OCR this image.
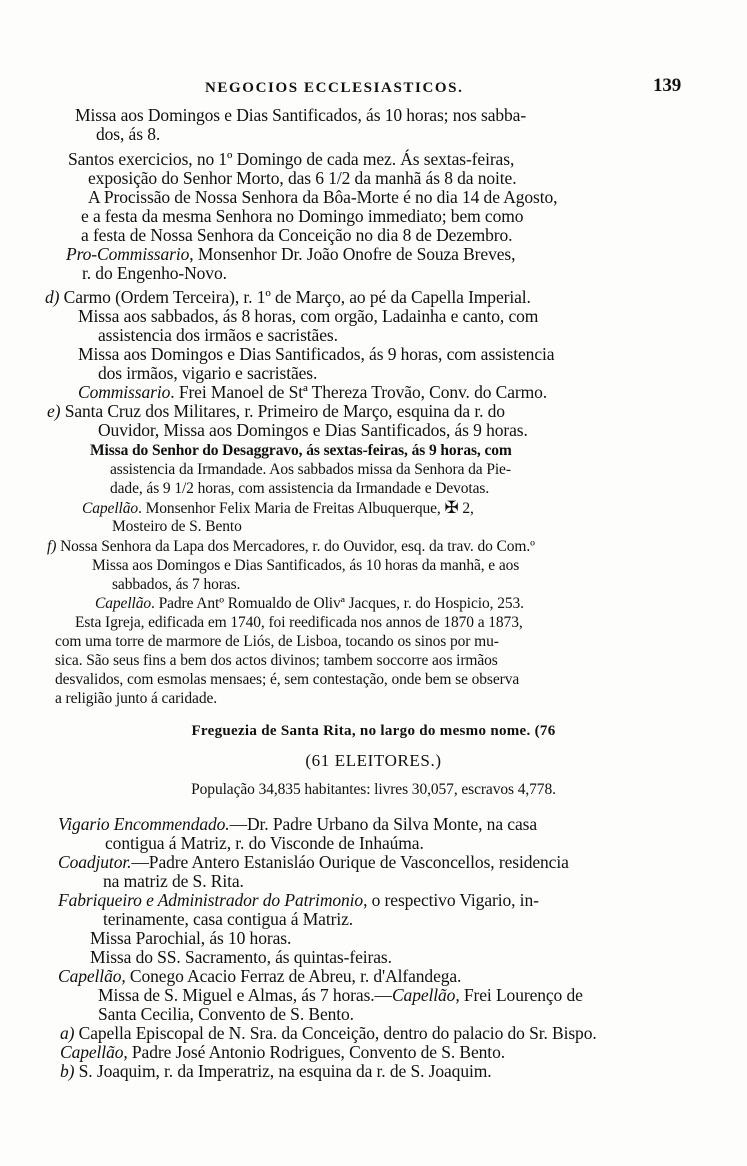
NEGOCIOS ECCLESIASTICOS.	139
Missa aos Domingos e Dias Santificados, ás 10 horas; nos sabba-
dos, ás 8.
Santos exercicios, no 1º Domingo de cada mez. Ás sextas-feiras,
exposição do Senhor Morto, das 6 1/2 da manhã ás 8 da noite.
A Procissão de Nossa Senhora da Bôa-Morte é no dia 14 de Agosto,
e a festa da mesma Senhora no Domingo immediato; bem como
a festa de Nossa Senhora da Conceição no dia 8 de Dezembro.
Pro-Commissario, Monsenhor Dr. João Onofre de Souza Breves,
r. do Engenho-Novo.
d) Carmo (Ordem Terceira), r. 1º de Março, ao pé da Capella Imperial.
Missa aos sabbados, ás 8 horas, com orgão, Ladainha e canto, com
assistencia dos irmãos e sacristães.
Missa aos Domingos e Dias Santificados, ás 9 horas, com assistencia
dos irmãos, vigario e sacristães.
Commissario. Frei Manoel de Stª Thereza Trovão, Conv. do Carmo.
e) Santa Cruz dos Militares, r. Primeiro de Março, esquina da r. do
Ouvidor, Missa aos Domingos e Dias Santificados, ás 9 horas.
Missa do Senhor do Desaggravo, ás sextas-feiras, ás 9 horas, com
assistencia da Irmandade. Aos sabbados missa da Senhora da Pie-
dade, ás 9 1/2 horas, com assistencia da Irmandade e Devotas.
Capellão. Monsenhor Felix Maria de Freitas Albuquerque, ✠ 2,
Mosteiro de S. Bento
f) Nossa Senhora da Lapa dos Mercadores, r. do Ouvidor, esq. da trav. do Com.º
Missa aos Domingos e Dias Santificados, ás 10 horas da manhã, e aos
sabbados, ás 7 horas.
Capellão. Padre Antº Romualdo de Olivª Jacques, r. do Hospicio, 253.
Esta Igreja, edificada em 1740, foi reedificada nos annos de 1870 a 1873,
com uma torre de marmore de Liós, de Lisboa, tocando os sinos por mu-
sica. São seus fins a bem dos actos divinos; tambem soccorre aos irmãos
desvalidos, com esmolas mensaes; é, sem contestação, onde bem se observa
a religião junto á caridade.
Freguezia de Santa Rita, no largo do mesmo nome. (76
(61 ELEITORES.)
População 34,835 habitantes: livres 30,057, escravos 4,778.
Vigario Encommendado.—Dr. Padre Urbano da Silva Monte, na casa
contigua á Matriz, r. do Visconde de Inhaúma.
Coadjutor.—Padre Antero Estanisláo Ourique de Vasconcellos, residencia
na matriz de S. Rita.
Fabriqueiro e Administrador do Patrimonio, o respectivo Vigario, in-
terinamente, casa contigua á Matriz.
Missa Parochial, ás 10 horas.
Missa do SS. Sacramento, ás quintas-feiras.
Capellão, Conego Acacio Ferraz de Abreu, r. d'Alfandega.
Missa de S. Miguel e Almas, ás 7 horas.—Capellão, Frei Lourenço de
Santa Cecilia, Convento de S. Bento.
a) Capella Episcopal de N. Sra. da Conceição, dentro do palacio do Sr. Bispo.
Capellão, Padre José Antonio Rodrigues, Convento de S. Bento.
b) S. Joaquim, r. da Imperatriz, na esquina da r. de S. Joaquim.
